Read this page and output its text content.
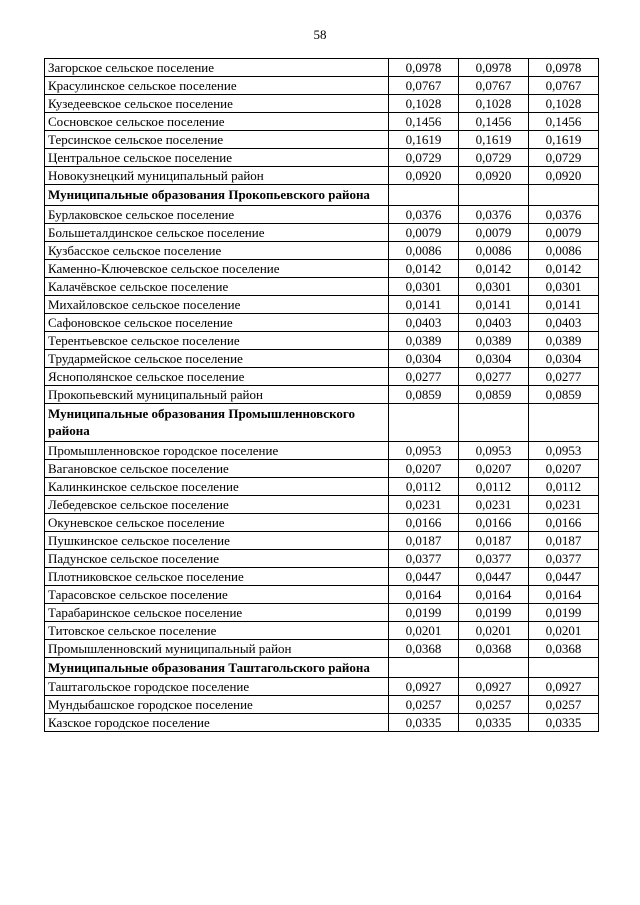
58
Загорское сельское поселение	0,0978	0,0978	0,0978
Красулинское сельское поселение	0,0767	0,0767	0,0767
Кузедеевское сельское поселение	0,1028	0,1028	0,1028
Сосновское сельское поселение	0,1456	0,1456	0,1456
Терсинское сельское поселение	0,1619	0,1619	0,1619
Центральное сельское поселение	0,0729	0,0729	0,0729
Новокузнецкий муниципальный район	0,0920	0,0920	0,0920
Муниципальные образования Прокопьевского района			
Бурлаковское сельское поселение	0,0376	0,0376	0,0376
Большеталдинское сельское поселение	0,0079	0,0079	0,0079
Кузбасское сельское поселение	0,0086	0,0086	0,0086
Каменно-Ключевское сельское поселение	0,0142	0,0142	0,0142
Калачёвское сельское поселение	0,0301	0,0301	0,0301
Михайловское сельское поселение	0,0141	0,0141	0,0141
Сафоновское сельское поселение	0,0403	0,0403	0,0403
Терентьевское сельское поселение	0,0389	0,0389	0,0389
Трудармейское сельское поселение	0,0304	0,0304	0,0304
Яснополянское сельское поселение	0,0277	0,0277	0,0277
Прокопьевский муниципальный район	0,0859	0,0859	0,0859
Муниципальные образования Промышленновского района			
Промышленновское городское поселение	0,0953	0,0953	0,0953
Вагановское сельское поселение	0,0207	0,0207	0,0207
Калинкинское сельское поселение	0,0112	0,0112	0,0112
Лебедевское сельское поселение	0,0231	0,0231	0,0231
Окуневское сельское поселение	0,0166	0,0166	0,0166
Пушкинское сельское поселение	0,0187	0,0187	0,0187
Падунское сельское поселение	0,0377	0,0377	0,0377
Плотниковское сельское поселение	0,0447	0,0447	0,0447
Тарасовское сельское поселение	0,0164	0,0164	0,0164
Тарабаринское сельское поселение	0,0199	0,0199	0,0199
Титовское сельское поселение	0,0201	0,0201	0,0201
Промышленновский муниципальный район	0,0368	0,0368	0,0368
Муниципальные образования Таштагольского района			
Таштагольское городское поселение	0,0927	0,0927	0,0927
Мундыбашское городское поселение	0,0257	0,0257	0,0257
Казское городское поселение	0,0335	0,0335	0,0335
